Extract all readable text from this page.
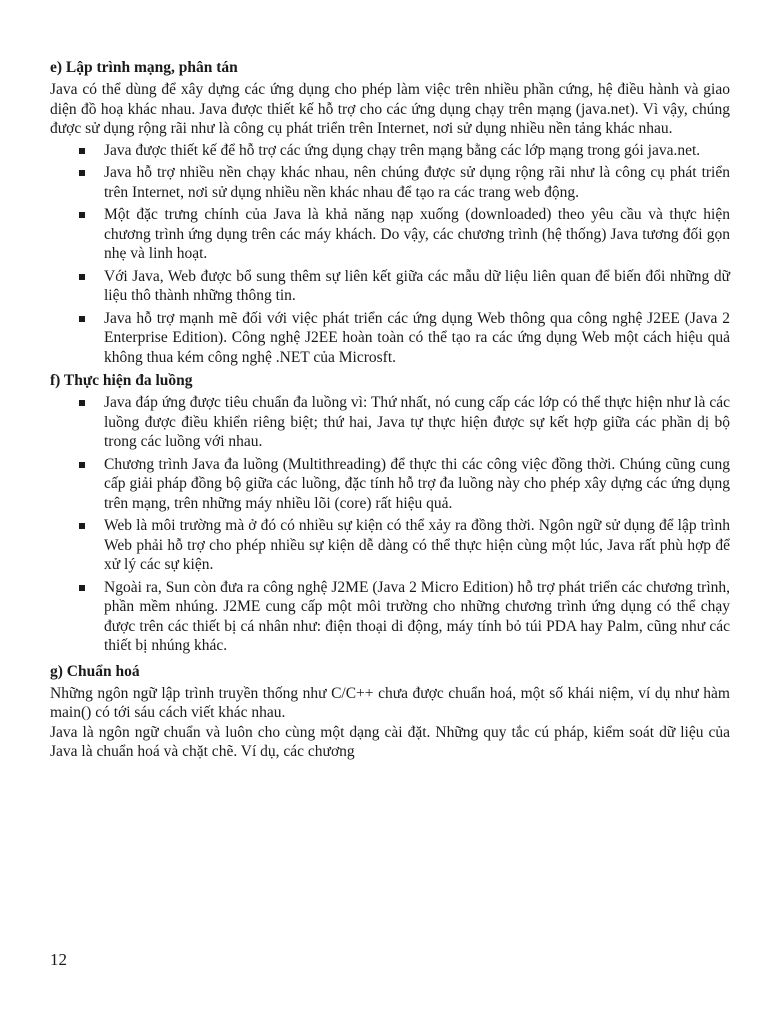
e) Lập trình mạng, phân tán

Java có thể dùng để xây dựng các ứng dụng cho phép làm việc trên nhiều phần cứng, hệ điều hành và giao diện đồ hoạ khác nhau. Java được thiết kế hỗ trợ cho các ứng dụng chạy trên mạng (java.net). Vì vậy, chúng được sử dụng rộng rãi như là công cụ phát triển trên Internet, nơi sử dụng nhiều nền tảng khác nhau.

Java được thiết kế để hỗ trợ các ứng dụng chạy trên mạng bằng các lớp mạng trong gói java.net.
Java hỗ trợ nhiều nền chạy khác nhau, nên chúng được sử dụng rộng rãi như là công cụ phát triển trên Internet, nơi sử dụng nhiều nền khác nhau để tạo ra các trang web động.
Một đặc trưng chính của Java là khả năng nạp xuống (downloaded) theo yêu cầu và thực hiện chương trình ứng dụng trên các máy khách. Do vậy, các chương trình (hệ thống) Java tương đối gọn nhẹ và linh hoạt.
Với Java, Web được bổ sung thêm sự liên kết giữa các mẫu dữ liệu liên quan để biến đổi những dữ liệu thô thành những thông tin.
Java hỗ trợ mạnh mẽ đối với việc phát triển các ứng dụng Web thông qua công nghệ J2EE (Java 2 Enterprise Edition). Công nghệ J2EE hoàn toàn có thể tạo ra các ứng dụng Web một cách hiệu quả không thua kém công nghệ .NET của Microsft.

f) Thực hiện đa luồng

Java đáp ứng được tiêu chuẩn đa luồng vì: Thứ nhất, nó cung cấp các lớp có thể thực hiện như là các luồng được điều khiển riêng biệt; thứ hai, Java tự thực hiện được sự kết hợp giữa các phần dị bộ trong các luồng với nhau.
Chương trình Java đa luồng (Multithreading) để thực thi các công việc đồng thời. Chúng cũng cung cấp giải pháp đồng bộ giữa các luồng, đặc tính hỗ trợ đa luồng này cho phép xây dựng các ứng dụng trên mạng, trên những máy nhiều lõi (core) rất hiệu quả.
Web là môi trường mà ở đó có nhiều sự kiện có thể xảy ra đồng thời. Ngôn ngữ sử dụng để lập trình Web phải hỗ trợ cho phép nhiều sự kiện dễ dàng có thể thực hiện cùng một lúc, Java rất phù hợp để xử lý các sự kiện.
Ngoài ra, Sun còn đưa ra công nghệ J2ME (Java 2 Micro Edition) hỗ trợ phát triển các chương trình, phần mềm nhúng. J2ME cung cấp một môi trường cho những chương trình ứng dụng có thể chạy được trên các thiết bị cá nhân như: điện thoại di động, máy tính bỏ túi PDA hay Palm, cũng như các thiết bị nhúng khác.

g) Chuẩn hoá

Những ngôn ngữ lập trình truyền thống như C/C++ chưa được chuẩn hoá, một số khái niệm, ví dụ như hàm main() có tới sáu cách viết khác nhau.

Java là ngôn ngữ chuẩn và luôn cho cùng một dạng cài đặt. Những quy tắc cú pháp, kiểm soát dữ liệu của Java là chuẩn hoá và chặt chẽ. Ví dụ, các chương

12
